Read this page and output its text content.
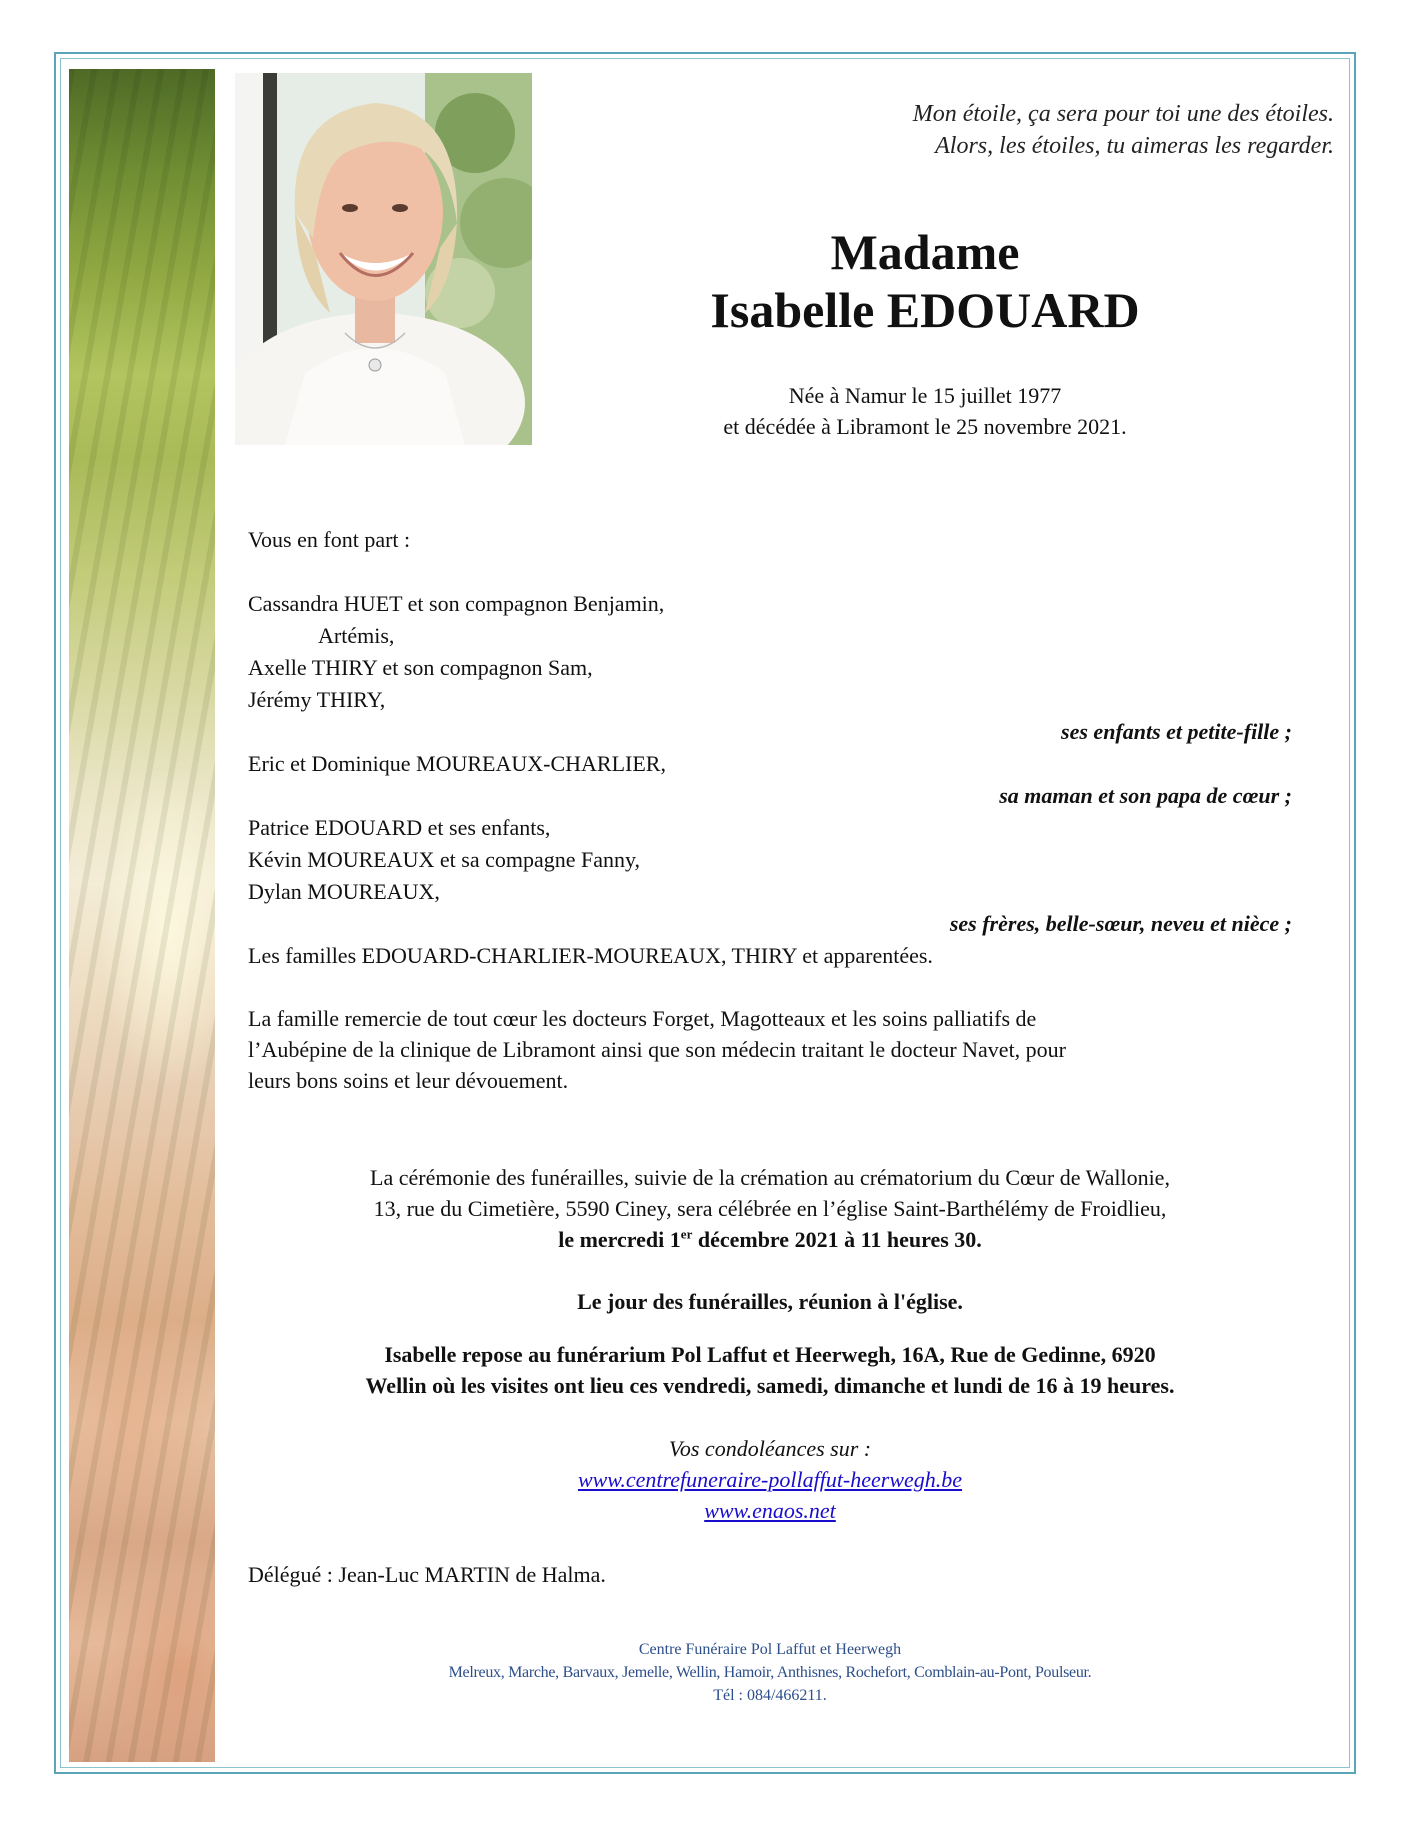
Mon étoile, ça sera pour toi une des étoiles.
Alors, les étoiles, tu aimeras les regarder.
Madame
Isabelle EDOUARD
Née à Namur le 15 juillet 1977
et décédée à Libramont le 25 novembre 2021.
Vous en font part :
Cassandra HUET et son compagnon Benjamin,
Artémis,
Axelle THIRY et son compagnon Sam,
Jérémy THIRY,
ses enfants et petite-fille ;
Eric et Dominique MOUREAUX-CHARLIER,
sa maman et son papa de cœur ;
Patrice EDOUARD et ses enfants,
Kévin MOUREAUX et sa compagne Fanny,
Dylan MOUREAUX,
ses frères, belle-sœur, neveu et nièce ;
Les familles EDOUARD-CHARLIER-MOUREAUX, THIRY et apparentées.
La famille remercie de tout cœur les docteurs Forget, Magotteaux et les soins palliatifs de
l’Aubépine de la clinique de Libramont ainsi que son médecin traitant le docteur Navet, pour
leurs bons soins et leur dévouement.
La cérémonie des funérailles, suivie de la crémation au crématorium du Cœur de Wallonie,
13, rue du Cimetière, 5590 Ciney, sera célébrée en l’église Saint-Barthélémy de Froidlieu,
le mercredi 1er décembre 2021 à 11 heures 30.
Le jour des funérailles, réunion à l'église.
Isabelle repose au funérarium Pol Laffut et Heerwegh, 16A, Rue de Gedinne, 6920
Wellin où les visites ont lieu ces vendredi, samedi, dimanche et lundi de 16 à 19 heures.
Vos condoléances sur :
www.centrefuneraire-pollaffut-heerwegh.be
www.enaos.net
Délégué : Jean-Luc MARTIN de Halma.
Centre Funéraire Pol Laffut et Heerwegh
Melreux, Marche, Barvaux, Jemelle, Wellin, Hamoir, Anthisnes, Rochefort, Comblain-au-Pont, Poulseur.
Tél : 084/466211.
